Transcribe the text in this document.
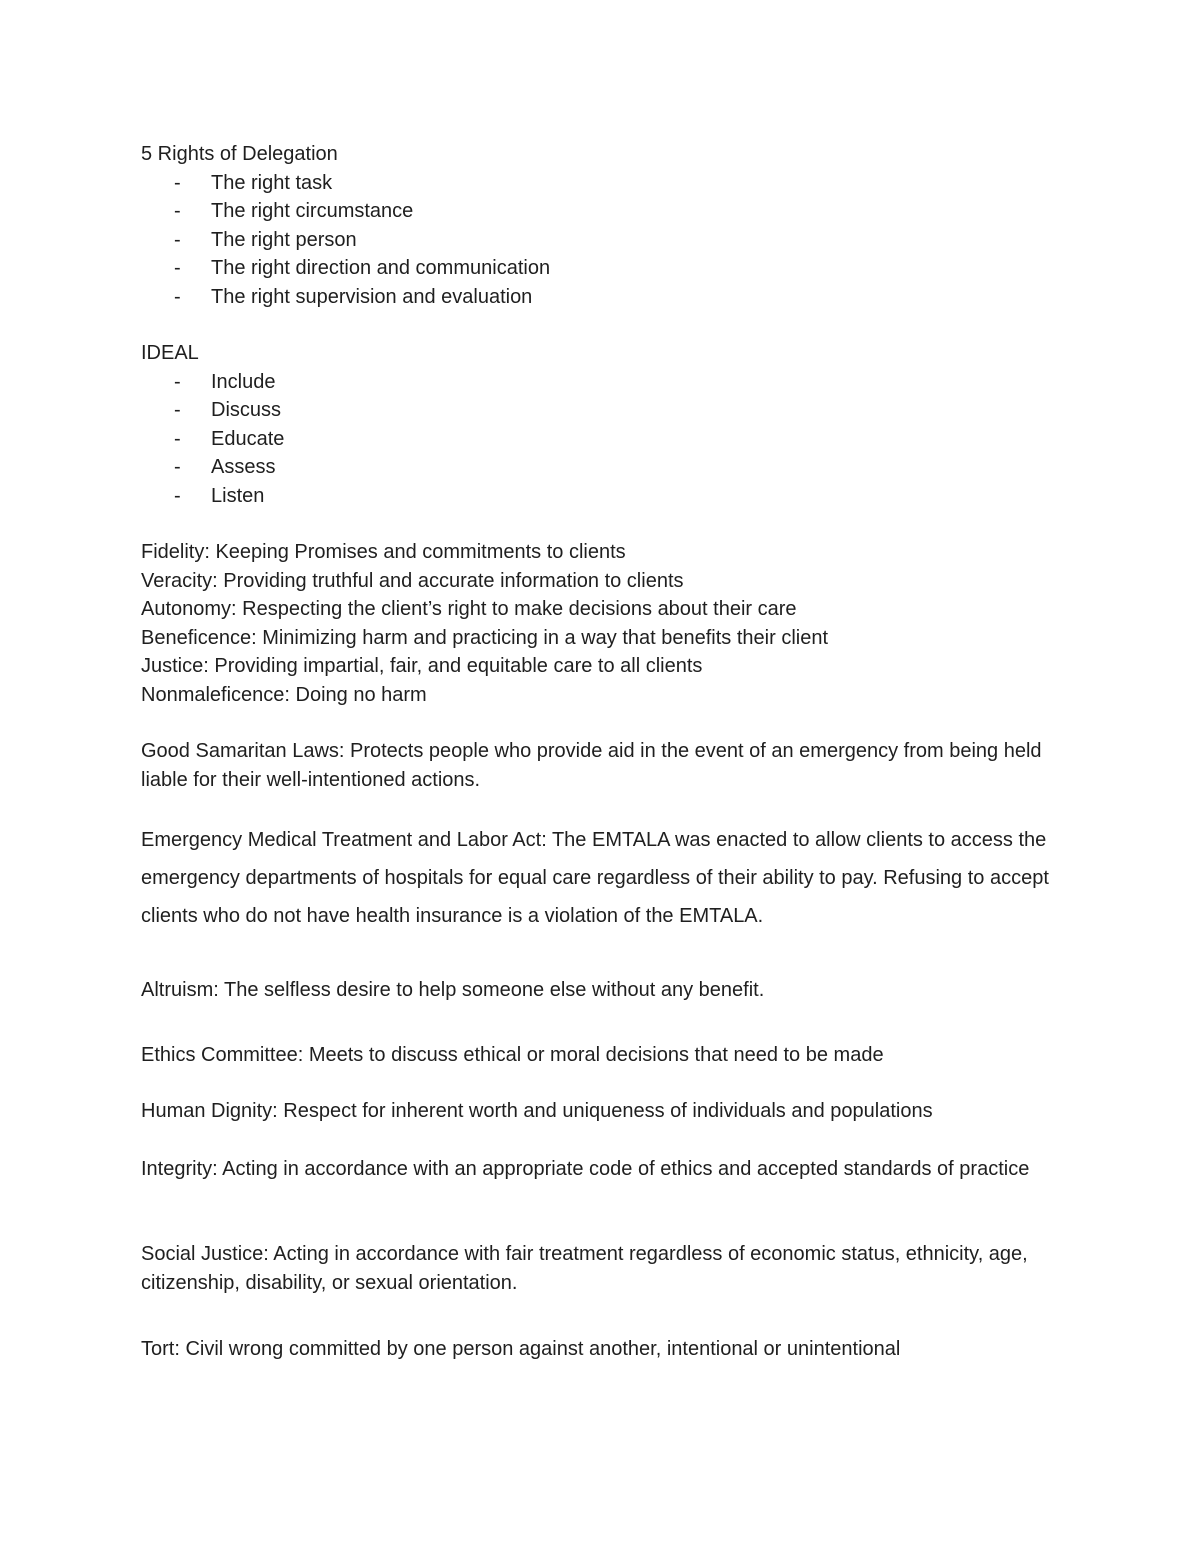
5 Rights of Delegation

- The right task
- The right circumstance
- The right person
- The right direction and communication
- The right supervision and evaluation

IDEAL

- Include
- Discuss
- Educate
- Assess
- Listen

Fidelity: Keeping Promises and commitments to clients

Veracity: Providing truthful and accurate information to clients

Autonomy: Respecting the client’s right to make decisions about their care

Beneficence: Minimizing harm and practicing in a way that benefits their client

Justice: Providing impartial, fair, and equitable care to all clients

Nonmaleficence: Doing no harm

Good Samaritan Laws: Protects people who provide aid in the event of an emergency from being held liable for their well-intentioned actions.

Emergency Medical Treatment and Labor Act: The EMTALA was enacted to allow clients to access the emergency departments of hospitals for equal care regardless of their ability to pay. Refusing to accept clients who do not have health insurance is a violation of the EMTALA.

Altruism: The selfless desire to help someone else without any benefit.

Ethics Committee: Meets to discuss ethical or moral decisions that need to be made

Human Dignity: Respect for inherent worth and uniqueness of individuals and populations

Integrity: Acting in accordance with an appropriate code of ethics and accepted standards of practice

Social Justice: Acting in accordance with fair treatment regardless of economic status, ethnicity, age, citizenship, disability, or sexual orientation.

Tort: Civil wrong committed by one person against another, intentional or unintentional
